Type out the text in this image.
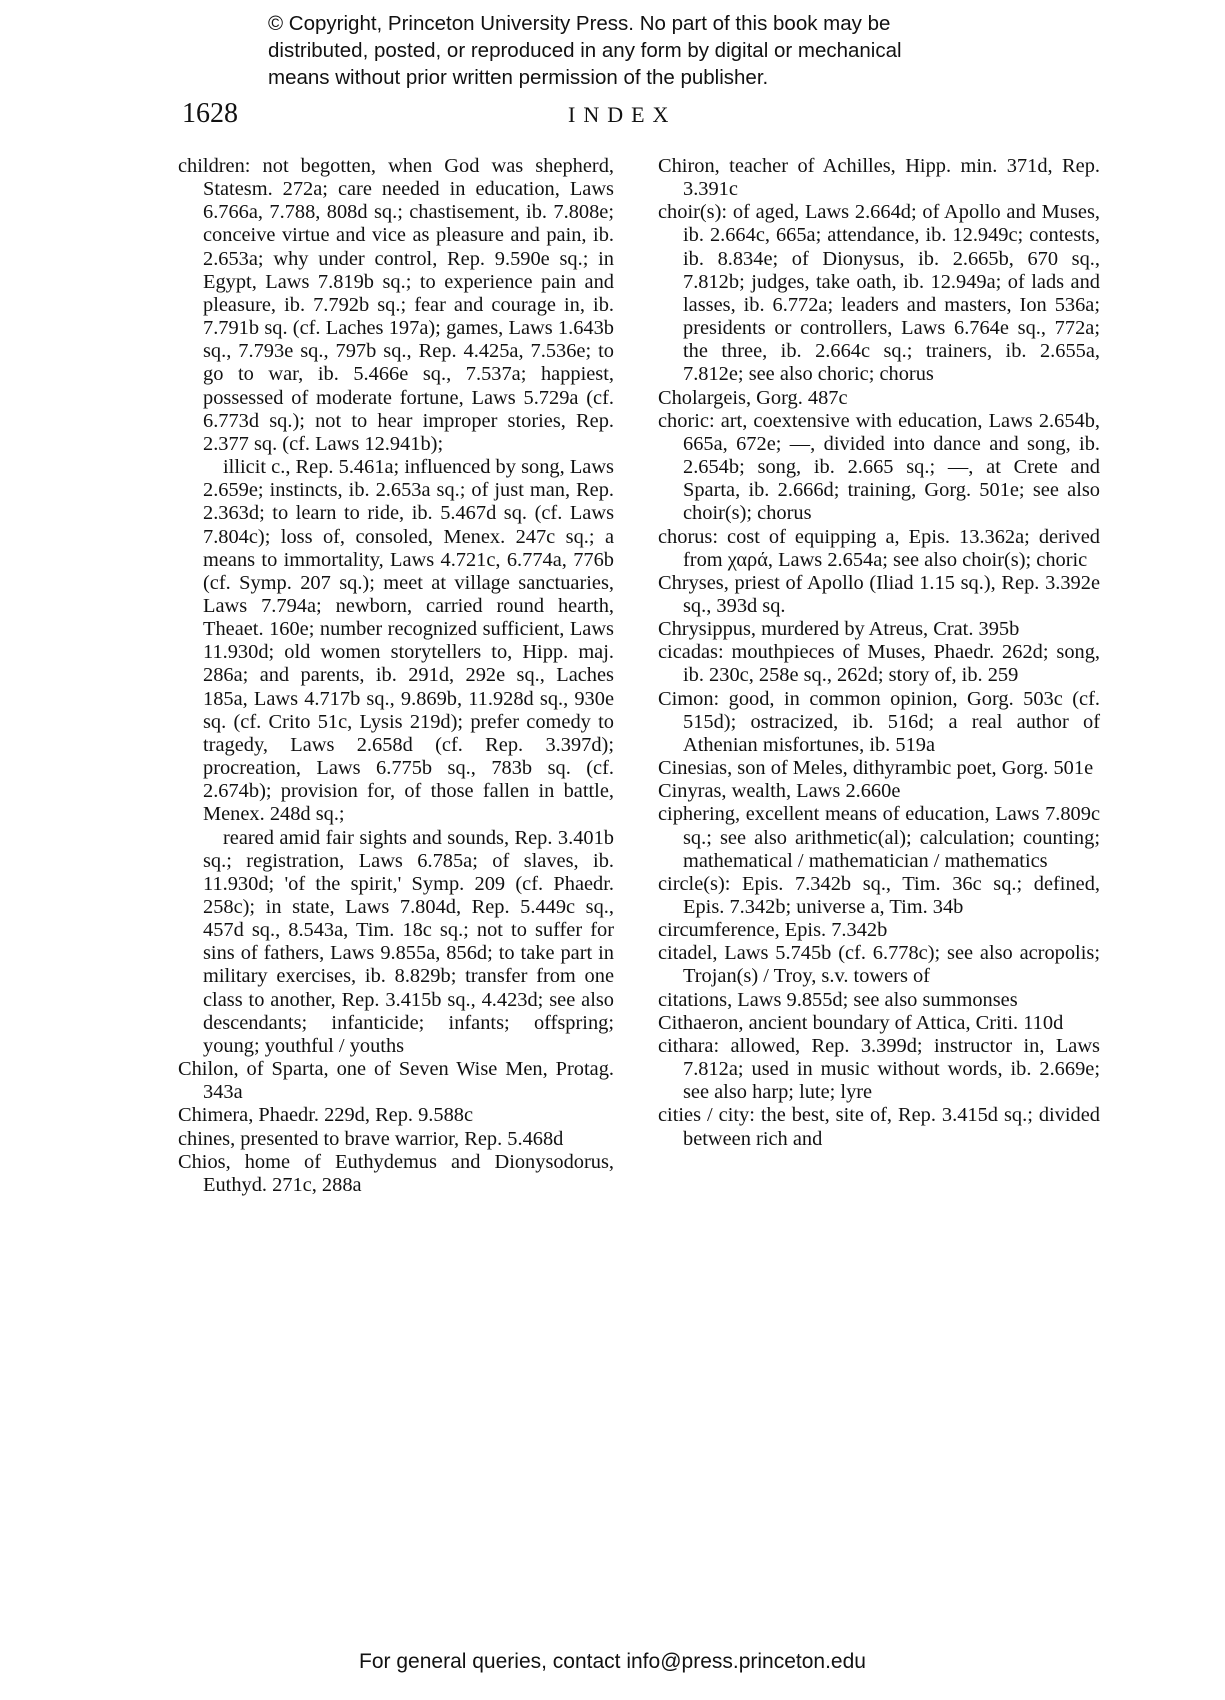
© Copyright, Princeton University Press. No part of this book may be
distributed, posted, or reproduced in any form by digital or mechanical
means without prior written permission of the publisher.
1628	INDEX

children: not begotten, when God was shepherd, Statesm. 272a; care needed in education, Laws 6.766a, 7.788, 808d sq.; chastisement, ib. 7.808e; conceive virtue and vice as pleasure and pain, ib. 2.653a; why under control, Rep. 9.590e sq.; in Egypt, Laws 7.819b sq.; to experience pain and pleasure, ib. 7.792b sq.; fear and courage in, ib. 7.791b sq. (cf. Laches 197a); games, Laws 1.643b sq., 7.793e sq., 797b sq., Rep. 4.425a, 7.536e; to go to war, ib. 5.466e sq., 7.537a; happiest, possessed of moderate fortune, Laws 5.729a (cf. 6.773d sq.); not to hear improper stories, Rep. 2.377 sq. (cf. Laws 12.941b);

illicit c., Rep. 5.461a; influenced by song, Laws 2.659e; instincts, ib. 2.653a sq.; of just man, Rep. 2.363d; to learn to ride, ib. 5.467d sq. (cf. Laws 7.804c); loss of, consoled, Menex. 247c sq.; a means to immortality, Laws 4.721c, 6.774a, 776b (cf. Symp. 207 sq.); meet at village sanctuaries, Laws 7.794a; newborn, carried round hearth, Theaet. 160e; number recognized sufficient, Laws 11.930d; old women storytellers to, Hipp. maj. 286a; and parents, ib. 291d, 292e sq., Laches 185a, Laws 4.717b sq., 9.869b, 11.928d sq., 930e sq. (cf. Crito 51c, Lysis 219d); prefer comedy to tragedy, Laws 2.658d (cf. Rep. 3.397d); procreation, Laws 6.775b sq., 783b sq. (cf. 2.674b); provision for, of those fallen in battle, Menex. 248d sq.;

reared amid fair sights and sounds, Rep. 3.401b sq.; registration, Laws 6.785a; of slaves, ib. 11.930d; 'of the spirit,' Symp. 209 (cf. Phaedr. 258c); in state, Laws 7.804d, Rep. 5.449c sq., 457d sq., 8.543a, Tim. 18c sq.; not to suffer for sins of fathers, Laws 9.855a, 856d; to take part in military exercises, ib. 8.829b; transfer from one class to another, Rep. 3.415b sq., 4.423d; see also descendants; infanticide; infants; offspring; young; youthful / youths

Chilon, of Sparta, one of Seven Wise Men, Protag. 343a

Chimera, Phaedr. 229d, Rep. 9.588c

chines, presented to brave warrior, Rep. 5.468d

Chios, home of Euthydemus and Dionysodorus, Euthyd. 271c, 288a

Chiron, teacher of Achilles, Hipp. min. 371d, Rep. 3.391c

choir(s): of aged, Laws 2.664d; of Apollo and Muses, ib. 2.664c, 665a; attendance, ib. 12.949c; contests, ib. 8.834e; of Dionysus, ib. 2.665b, 670 sq., 7.812b; judges, take oath, ib. 12.949a; of lads and lasses, ib. 6.772a; leaders and masters, Ion 536a; presidents or controllers, Laws 6.764e sq., 772a; the three, ib. 2.664c sq.; trainers, ib. 2.655a, 7.812e; see also choric; chorus

Cholargeis, Gorg. 487c

choric: art, coextensive with education, Laws 2.654b, 665a, 672e; —, divided into dance and song, ib. 2.654b; song, ib. 2.665 sq.; —, at Crete and Sparta, ib. 2.666d; training, Gorg. 501e; see also choir(s); chorus

chorus: cost of equipping a, Epis. 13.362a; derived from χαρά, Laws 2.654a; see also choir(s); choric

Chryses, priest of Apollo (Iliad 1.15 sq.), Rep. 3.392e sq., 393d sq.

Chrysippus, murdered by Atreus, Crat. 395b

cicadas: mouthpieces of Muses, Phaedr. 262d; song, ib. 230c, 258e sq., 262d; story of, ib. 259

Cimon: good, in common opinion, Gorg. 503c (cf. 515d); ostracized, ib. 516d; a real author of Athenian misfortunes, ib. 519a

Cinesias, son of Meles, dithyrambic poet, Gorg. 501e

Cinyras, wealth, Laws 2.660e

ciphering, excellent means of education, Laws 7.809c sq.; see also arithmetic(al); calculation; counting; mathematical / mathematician / mathematics

circle(s): Epis. 7.342b sq., Tim. 36c sq.; defined, Epis. 7.342b; universe a, Tim. 34b

circumference, Epis. 7.342b

citadel, Laws 5.745b (cf. 6.778c); see also acropolis; Trojan(s) / Troy, s.v. towers of

citations, Laws 9.855d; see also summonses

Cithaeron, ancient boundary of Attica, Criti. 110d

cithara: allowed, Rep. 3.399d; instructor in, Laws 7.812a; used in music without words, ib. 2.669e; see also harp; lute; lyre

cities / city: the best, site of, Rep. 3.415d sq.; divided between rich and

For general queries, contact info@press.princeton.edu
